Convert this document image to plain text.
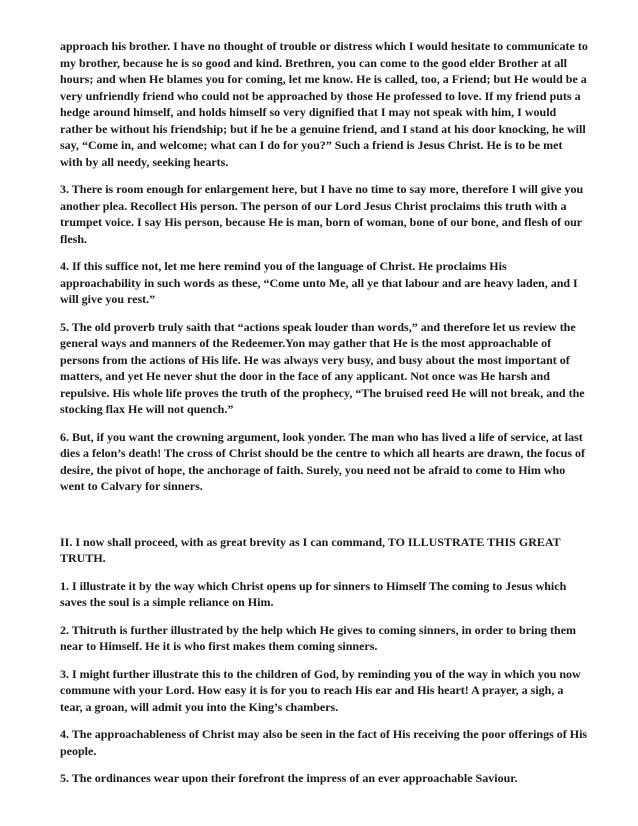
approach his brother. I have no thought of trouble or distress which I would hesitate to communicate to my brother, because he is so good and kind. Brethren, you can come to the good elder Brother at all hours; and when He blames you for coming, let me know. He is called, too, a Friend; but He would be a very unfriendly friend who could not be approached by those He professed to love. If my friend puts a hedge around himself, and holds himself so very dignified that I may not speak with him, I would rather be without his friendship; but if he be a genuine friend, and I stand at his door knocking, he will say, “Come in, and welcome; what can I do for you?” Such a friend is Jesus Christ. He is to be met with by all needy, seeking hearts.

3. There is room enough for enlargement here, but I have no time to say more, therefore I will give you another plea. Recollect His person. The person of our Lord Jesus Christ proclaims this truth with a trumpet voice. I say His person, because He is man, born of woman, bone of our bone, and flesh of our flesh.

4. If this suffice not, let me here remind you of the language of Christ. He proclaims His approachability in such words as these, “Come unto Me, all ye that labour and are heavy laden, and I will give you rest.”

5. The old proverb truly saith that “actions speak louder than words,” and therefore let us review the general ways and manners of the Redeemer.Yon may gather that He is the most approachable of persons from the actions of His life. He was always very busy, and busy about the most important of matters, and yet He never shut the door in the face of any applicant. Not once was He harsh and repulsive. His whole life proves the truth of the prophecy, “The bruised reed He will not break, and the stocking flax He will not quench.”

6. But, if you want the crowning argument, look yonder. The man who has lived a life of service, at last dies a felon’s death! The cross of Christ should be the centre to which all hearts are drawn, the focus of desire, the pivot of hope, the anchorage of faith. Surely, you need not be afraid to come to Him who went to Calvary for sinners.

II. I now shall proceed, with as great brevity as I can command, TO ILLUSTRATE THIS GREAT TRUTH.

1. I illustrate it by the way which Christ opens up for sinners to Himself The coming to Jesus which saves the soul is a simple reliance on Him.

2. Thitruth is further illustrated by the help which He gives to coming sinners, in order to bring them near to Himself. He it is who first makes them coming sinners.

3. I might further illustrate this to the children of God, by reminding you of the way in which you now commune with your Lord. How easy it is for you to reach His ear and His heart! A prayer, a sigh, a tear, a groan, will admit you into the King’s chambers.

4. The approachableness of Christ may also be seen in the fact of His receiving the poor offerings of His people.

5. The ordinances wear upon their forefront the impress of an ever approachable Saviour.
